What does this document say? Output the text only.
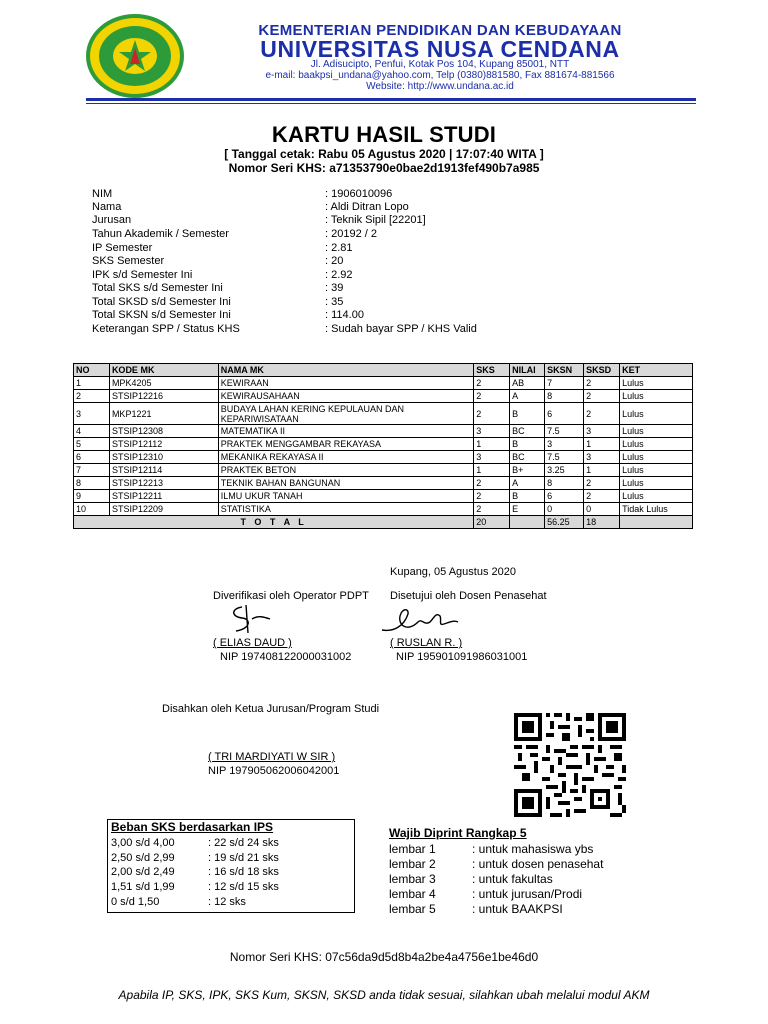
KEMENTERIAN PENDIDIKAN DAN KEBUDAYAAN
UNIVERSITAS NUSA CENDANA
Jl. Adisucipto, Penfui, Kotak Pos 104, Kupang 85001, NTT
e-mail: baakpsi_undana@yahoo.com, Telp (0380)881580, Fax 881674-881566
Website: http://www.undana.ac.id
KARTU HASIL STUDI
[ Tanggal cetak: Rabu 05 Agustus 2020 | 17:07:40 WITA ]
Nomor Seri KHS: a71353790e0bae2d1913fef490b7a985
NIM	: 1906010096
Nama	: Aldi Ditran Lopo
Jurusan	: Teknik Sipil [22201]
Tahun Akademik / Semester	: 20192 / 2
IP Semester	: 2.81
SKS Semester	: 20
IPK s/d Semester Ini	: 2.92
Total SKS s/d Semester Ini	: 39
Total SKSD s/d Semester Ini	: 35
Total SKSN s/d Semester Ini	: 114.00
Keterangan SPP / Status KHS	: Sudah bayar SPP / KHS Valid
NO	KODE MK	NAMA MK	SKS	NILAI	SKSN	SKSD	KET
1	MPK4205	KEWIRAAN	2	AB	7	2	Lulus
2	STSIP12216	KEWIRAUSAHAAN	2	A	8	2	Lulus
3	MKP1221	BUDAYA LAHAN KERING KEPULAUAN DAN KEPARIWISATAAN	2	B	6	2	Lulus
4	STSIP12308	MATEMATIKA II	3	BC	7.5	3	Lulus
5	STSIP12112	PRAKTEK MENGGAMBAR REKAYASA	1	B	3	1	Lulus
6	STSIP12310	MEKANIKA REKAYASA II	3	BC	7.5	3	Lulus
7	STSIP12114	PRAKTEK BETON	1	B+	3.25	1	Lulus
8	STSIP12213	TEKNIK BAHAN BANGUNAN	2	A	8	2	Lulus
9	STSIP12211	ILMU UKUR TANAH	2	B	6	2	Lulus
10	STSIP12209	STATISTIKA	2	E	0	0	Tidak Lulus
T O T A L			20		56.25	18	
Kupang, 05 Agustus 2020
Diverifikasi oleh Operator PDPT
( ELIAS DAUD )
NIP 197408122000031002
Disetujui oleh Dosen Penasehat
( RUSLAN R. )
NIP 195901091986031001
Disahkan oleh Ketua Jurusan/Program Studi
( TRI MARDIYATI W SIR )
NIP 197905062006042001
Beban SKS berdasarkan IPS
3,00 s/d 4,00	: 22 s/d 24 sks
2,50 s/d 2,99	: 19 s/d 21 sks
2,00 s/d 2,49	: 16 s/d 18 sks
1,51 s/d 1,99	: 12 s/d 15 sks
0 s/d 1,50	: 12 sks
Wajib Diprint Rangkap 5
lembar 1	: untuk mahasiswa ybs
lembar 2	: untuk dosen penasehat
lembar 3	: untuk fakultas
lembar 4	: untuk jurusan/Prodi
lembar 5	: untuk BAAKPSI
Nomor Seri KHS: 07c56da9d5d8b4a2be4a4756e1be46d0
Apabila IP, SKS, IPK, SKS Kum, SKSN, SKSD anda tidak sesuai, silahkan ubah melalui modul AKM
